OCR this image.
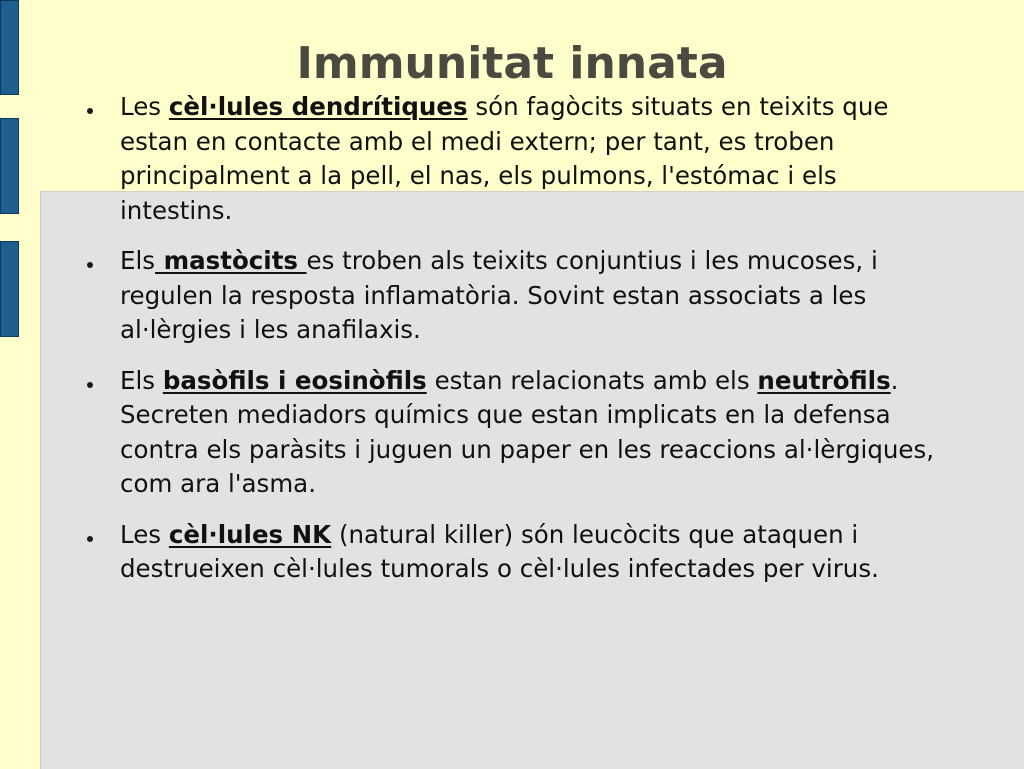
Immunitat innata
Les cèl·lules dendrítiques són fagòcits situats en teixits que estan en contacte amb el medi extern; per tant, es troben principalment a la pell, el nas, els pulmons, l'estómac i els intestins.
Els mastòcits es troben als teixits conjuntius i les mucoses, i regulen la resposta inflamatòria. Sovint estan associats a les al·lèrgies i les anafilaxis.
Els basòfils i eosinòfils estan relacionats amb els neutròfils. Secreten mediadors químics que estan implicats en la defensa contra els paràsits i juguen un paper en les reaccions al·lèrgiques, com ara l'asma.
Les cèl·lules NK (natural killer) són leucòcits que ataquen i destrueixen cèl·lules tumorals o cèl·lules infectades per virus.
